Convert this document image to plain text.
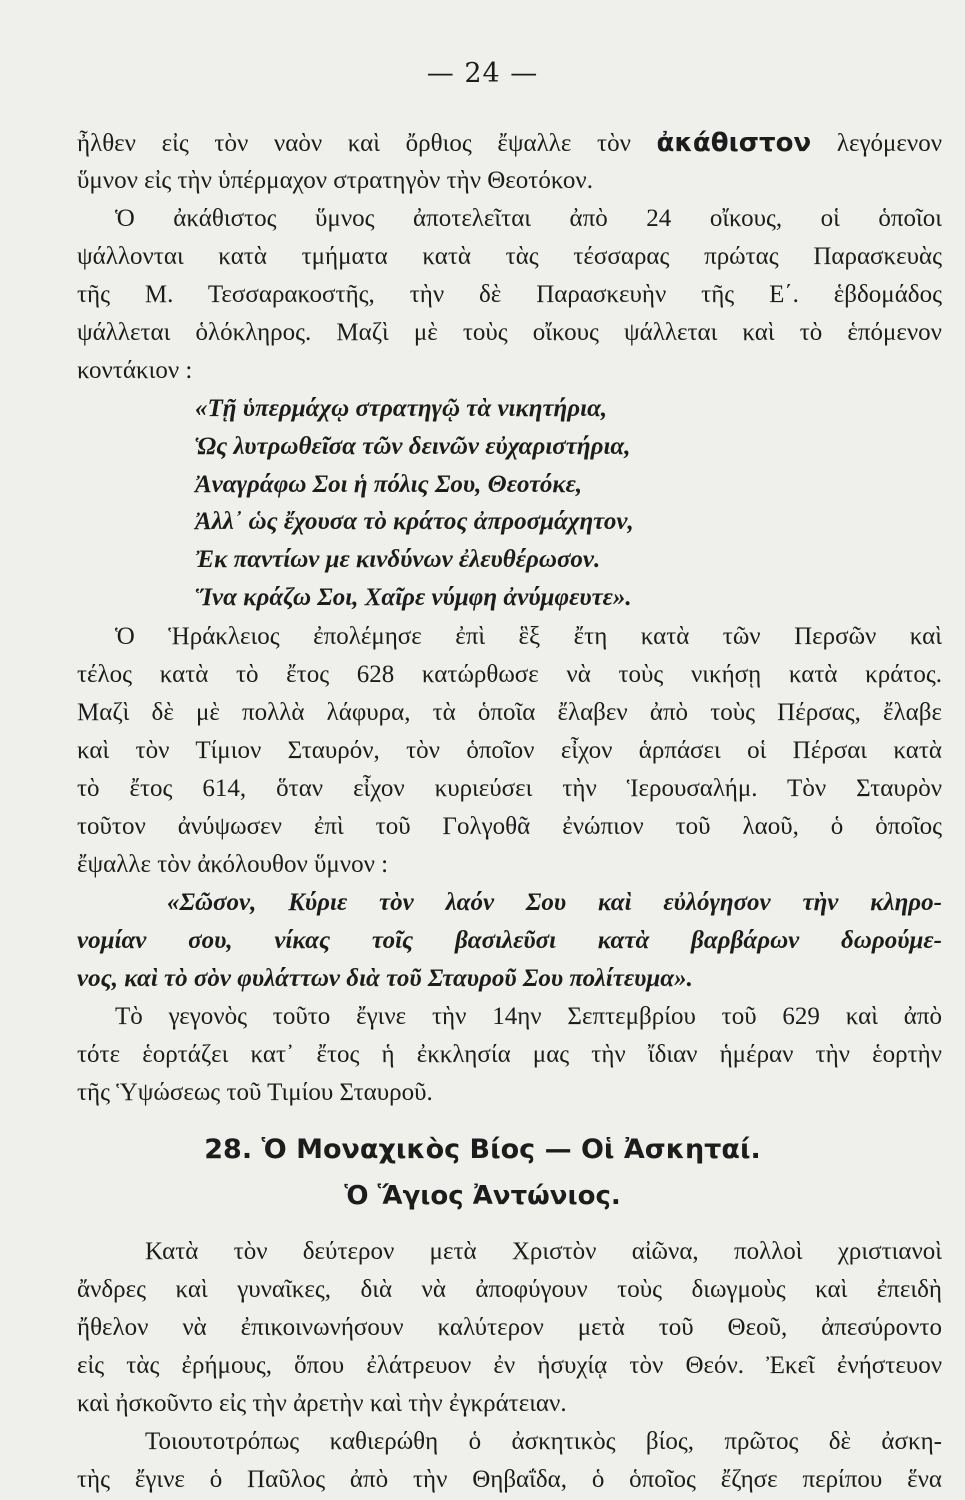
— 24 —
ἦλθεν εἰς τὸν ναὸν καὶ ὄρθιος ἔψαλλε τὸν ἀκάθιστον λεγόμενον
ὕμνον εἰς τὴν ὑπέρμαχον στρατηγὸν τὴν Θεοτόκον.
Ὁ ἀκάθιστος ὕμνος ἀποτελεῖται ἀπὸ 24 οἴκους, οἱ ὁποῖοι
ψάλλονται κατὰ τμήματα κατὰ τὰς τέσσαρας πρώτας Παρασκευὰς
τῆς Μ. Τεσσαρακοστῆς, τὴν δὲ Παρασκευὴν τῆς Ε΄. ἑβδομάδος
ψάλλεται ὁλόκληρος. Μαζὶ μὲ τοὺς οἴκους ψάλλεται καὶ τὸ ἑπόμενον
κοντάκιον :
«Τῇ ὑπερμάχῳ στρατηγῷ τὰ νικητήρια,
Ὡς λυτρωθεῖσα τῶν δεινῶν εὐχαριστήρια,
Ἀναγράφω Σοι ἡ πόλις Σου, Θεοτόκε,
Ἀλλ᾽ ὡς ἔχουσα τὸ κράτος ἀπροσμάχητον,
Ἐκ παντίων με κινδύνων ἐλευθέρωσον.
Ἵνα κράζω Σοι, Χαῖρε νύμφη ἀνύμφευτε».
Ὁ Ἡράκλειος ἐπολέμησε ἐπὶ ἓξ ἔτη κατὰ τῶν Περσῶν καὶ
τέλος κατὰ τὸ ἔτος 628 κατώρθωσε νὰ τοὺς νικήσῃ κατὰ κράτος.
Μαζὶ δὲ μὲ πολλὰ λάφυρα, τὰ ὁποῖα ἔλαβεν ἀπὸ τοὺς Πέρσας, ἔλαβε
καὶ τὸν Τίμιον Σταυρόν, τὸν ὁποῖον εἶχον ἁρπάσει οἱ Πέρσαι κατὰ
τὸ ἔτος 614, ὅταν εἶχον κυριεύσει τὴν Ἱερουσαλήμ. Τὸν Σταυρὸν
τοῦτον ἀνύψωσεν ἐπὶ τοῦ Γολγοθᾶ ἐνώπιον τοῦ λαοῦ, ὁ ὁποῖος
ἔψαλλε τὸν ἀκόλουθον ὕμνον :
«Σῶσον, Κύριε τὸν λαόν Σου καὶ εὐλόγησον τὴν κληρο-
νομίαν σου, νίκας τοῖς βασιλεῦσι κατὰ βαρβάρων δωρούμε-
νος, καὶ τὸ σὸν φυλάττων διὰ τοῦ Σταυροῦ Σου πολίτευμα».
Τὸ γεγονὸς τοῦτο ἔγινε τὴν 14ην Σεπτεμβρίου τοῦ 629 καὶ ἀπὸ
τότε ἑορτάζει κατ᾽ ἔτος ἡ ἐκκλησία μας τὴν ἴδιαν ἡμέραν τὴν ἑορτὴν
τῆς Ὑψώσεως τοῦ Τιμίου Σταυροῦ.
28. Ὁ Μοναχικὸς Βίος — Οἱ Ἀσκηταί.
Ὁ Ἅγιος Ἀντώνιος.
Κατὰ τὸν δεύτερον μετὰ Χριστὸν αἰῶνα, πολλοὶ χριστιανοὶ
ἄνδρες καὶ γυναῖκες, διὰ νὰ ἀποφύγουν τοὺς διωγμοὺς καὶ ἐπειδὴ
ἤθελον νὰ ἐπικοινωνήσουν καλύτερον μετὰ τοῦ Θεοῦ, ἀπεσύροντο
εἰς τὰς ἐρήμους, ὅπου ἐλάτρευον ἐν ἡσυχίᾳ τὸν Θεόν. Ἐκεῖ ἐνήστευον
καὶ ἠσκοῦντο εἰς τὴν ἀρετὴν καὶ τὴν ἐγκράτειαν.
Τοιουτοτρόπως καθιερώθη ὁ ἀσκητικὸς βίος, πρῶτος δὲ ἀσκη-
τὴς ἔγινε ὁ Παῦλος ἀπὸ τὴν Θηβαΐδα, ὁ ὁποῖος ἔζησε περίπου ἕνα
